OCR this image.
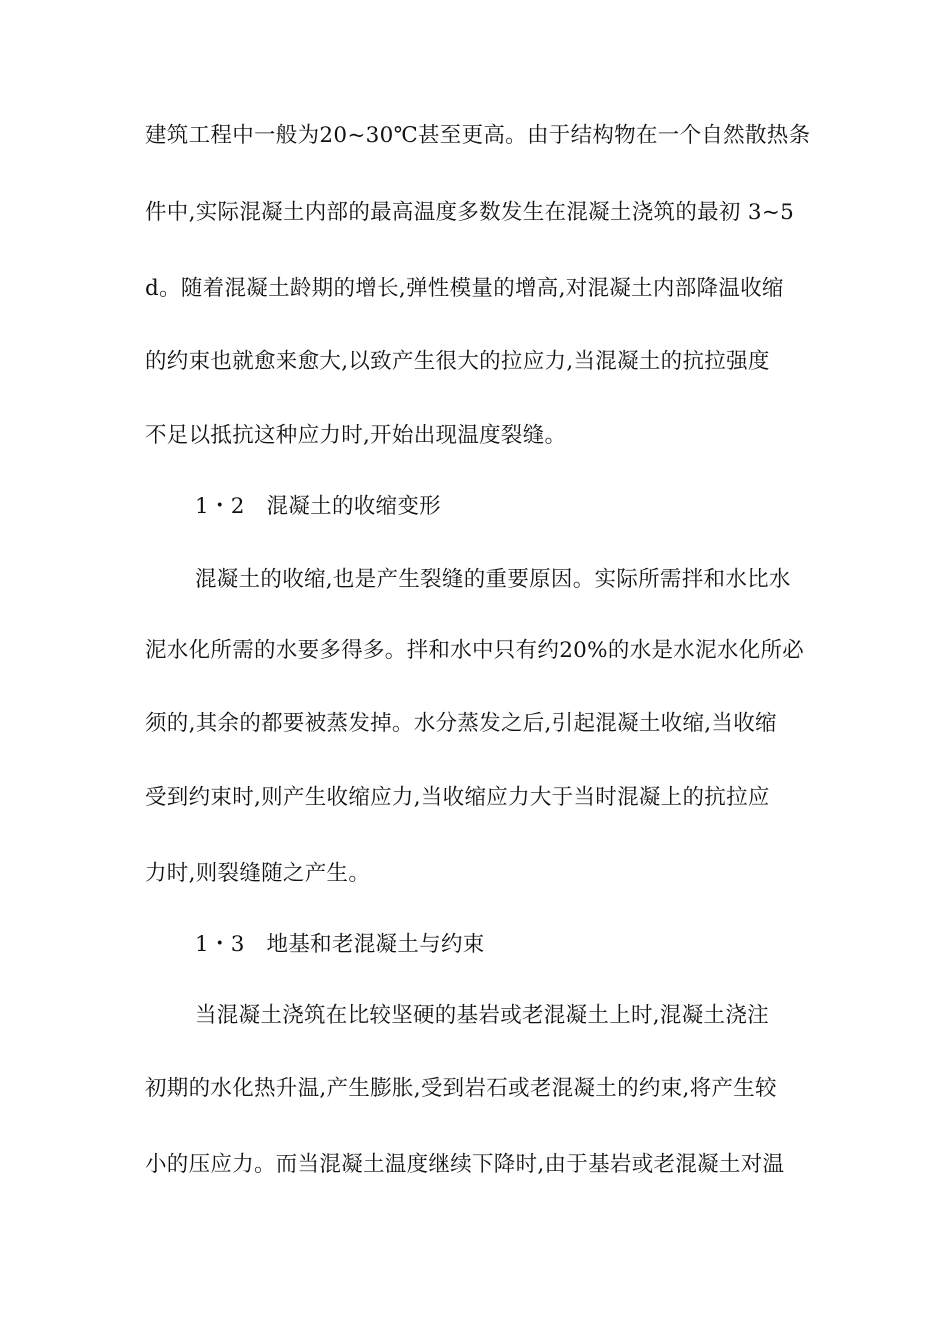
建筑工程中一般为20~30℃甚至更高。由于结构物在一个自然散热条
件中,实际混凝土内部的最高温度多数发生在混凝土浇筑的最初 3~5
d。随着混凝土龄期的增长,弹性模量的增高,对混凝土内部降温收缩
的约束也就愈来愈大,以致产生很大的拉应力,当混凝土的抗拉强度
不足以抵抗这种应力时,开始出现温度裂缝。
1・2　混凝土的收缩变形
混凝土的收缩,也是产生裂缝的重要原因。实际所需拌和水比水
泥水化所需的水要多得多。拌和水中只有约20%的水是水泥水化所必
须的,其余的都要被蒸发掉。水分蒸发之后,引起混凝土收缩,当收缩
受到约束时,则产生收缩应力,当收缩应力大于当时混凝上的抗拉应
力时,则裂缝随之产生。
1・3　地基和老混凝土与约束
当混凝土浇筑在比较坚硬的基岩或老混凝土上时,混凝土浇注
初期的水化热升温,产生膨胀,受到岩石或老混凝土的约束,将产生较
小的压应力。而当混凝土温度继续下降时,由于基岩或老混凝土对温
